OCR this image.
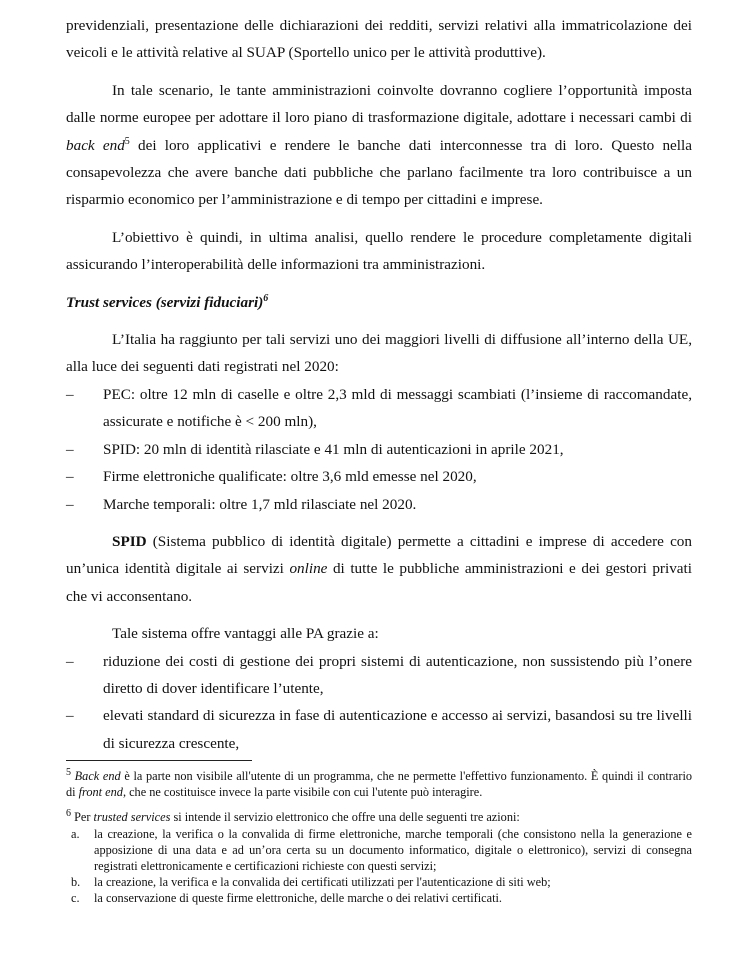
previdenziali, presentazione delle dichiarazioni dei redditi, servizi relativi alla immatricolazione dei veicoli e le attività relative al SUAP (Sportello unico per le attività produttive).

In tale scenario, le tante amministrazioni coinvolte dovranno cogliere l’opportunità imposta dalle norme europee per adottare il loro piano di trasformazione digitale, adottare i necessari cambi di back end$^5$ dei loro applicativi e rendere le banche dati interconnesse tra di loro. Questo nella consapevolezza che avere banche dati pubbliche che parlano facilmente tra loro contribuisce a un risparmio economico per l’amministrazione e di tempo per cittadini e imprese.

L’obiettivo è quindi, in ultima analisi, quello rendere le procedure completamente digitali assicurando l’interoperabilità delle informazioni tra amministrazioni.

Trust services (servizi fiduciari)$^6$

L’Italia ha raggiunto per tali servizi uno dei maggiori livelli di diffusione all’interno della UE, alla luce dei seguenti dati registrati nel 2020:

– PEC: oltre 12 mln di caselle e oltre 2,3 mld di messaggi scambiati (l’insieme di raccomandate, assicurate e notifiche è < 200 mln),
– SPID: 20 mln di identità rilasciate e 41 mln di autenticazioni in aprile 2021,
– Firme elettroniche qualificate: oltre 3,6 mld emesse nel 2020,
– Marche temporali: oltre 1,7 mld rilasciate nel 2020.

SPID (Sistema pubblico di identità digitale) permette a cittadini e imprese di accedere con un’unica identità digitale ai servizi online di tutte le pubbliche amministrazioni e dei gestori privati che vi acconsentano.

Tale sistema offre vantaggi alle PA grazie a:

– riduzione dei costi di gestione dei propri sistemi di autenticazione, non sussistendo più l’onere diretto di dover identificare l’utente,
– elevati standard di sicurezza in fase di autenticazione e accesso ai servizi, basandosi su tre livelli di sicurezza crescente,

$^5$ Back end è la parte non visibile all'utente di un programma, che ne permette l'effettivo funzionamento. È quindi il contrario di front end, che ne costituisce invece la parte visibile con cui l'utente può interagire.

$^6$ Per trusted services si intende il servizio elettronico che offre una delle seguenti tre azioni:

a. la creazione, la verifica o la convalida di firme elettroniche, marche temporali (che consistono nella la generazione e apposizione di una data e ad un’ora certa su un documento informatico, digitale o elettronico), servizi di consegna registrati elettronicamente e certificazioni richieste con questi servizi;
b. la creazione, la verifica e la convalida dei certificati utilizzati per l'autenticazione di siti web;
c. la conservazione di queste firme elettroniche, delle marche o dei relativi certificati.
